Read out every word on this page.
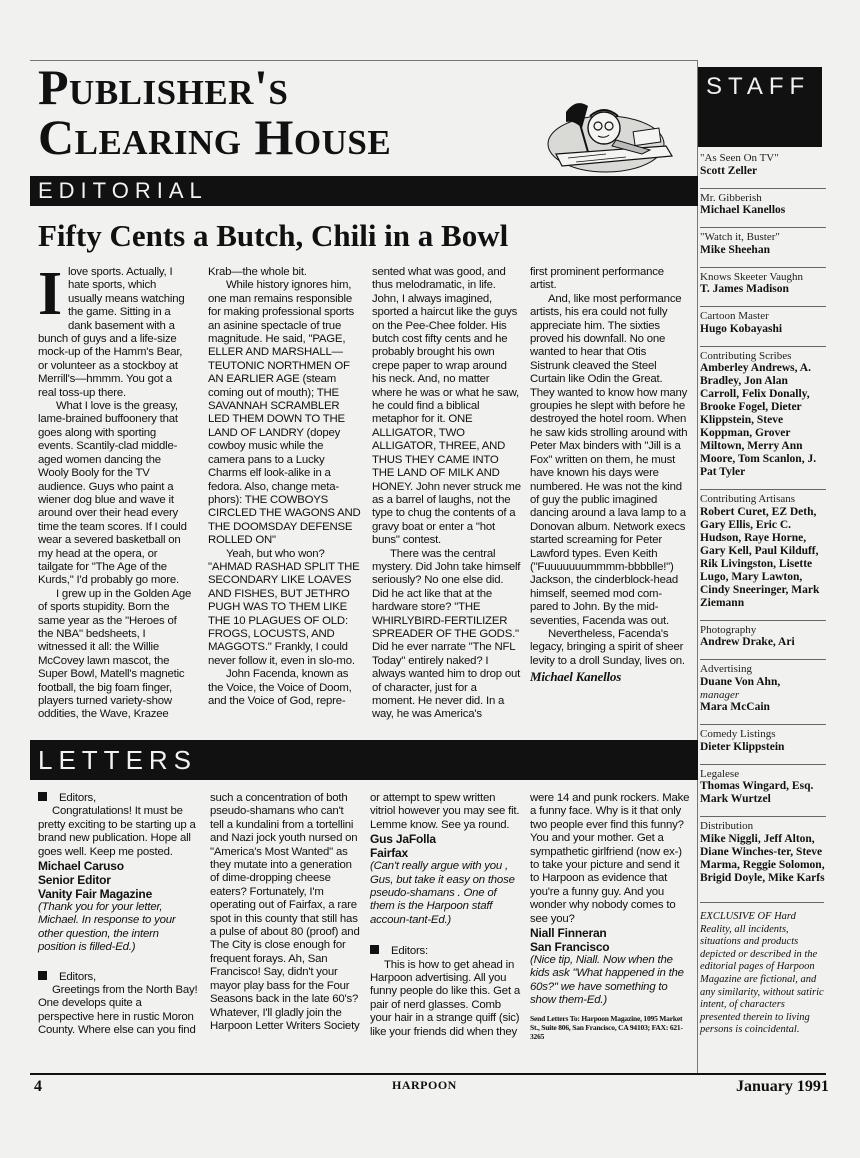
Publisher's
Clearing House
EDITORIAL
STAFF
Fifty Cents a Butch, Chili in a Bowl
I love sports. Actually, I hate sports, which usually means watching the game. Sitting in a dank basement with a bunch of guys and a life-size mock-up of the Hamm's Bear, or volunteer as a stockboy at Merrill's—hmmm. You got a real toss-up there.

What I love is the greasy, lame-brained buffoonery that goes along with sporting events. Scantily-clad middle-aged women dancing the Wooly Booly for the TV audience. Guys who paint a wiener dog blue and wave it around over their head every time the team scores. If I could wear a severed basketball on my head at the opera, or tailgate for "The Age of the Kurds," I'd probably go more.

I grew up in the Golden Age of sports stupidity. Born the same year as the "Heroes of the NBA" bedsheets, I witnessed it all: the Willie McCovey lawn mascot, the Super Bowl, Matell's magnetic football, the big foam finger, players turned variety-show oddities, the Wave, Krazee

Krab—the whole bit.

While history ignores him, one man remains responsible for making professional sports an asinine spectacle of true magnitude. He said, "PAGE, ELLER AND MARSHALL—TEUTONIC NORTHMEN OF AN EARLIER AGE (steam coming out of mouth); THE SAVANNAH SCRAMBLER LED THEM DOWN TO THE LAND OF LANDRY (dopey cowboy music while the camera pans to a Lucky Charms elf look-alike in a fedora. Also, change meta-phors): THE COWBOYS CIRCLED THE WAGONS AND THE DOOMSDAY DEFENSE ROLLED ON"

Yeah, but who won? "AHMAD RASHAD SPLIT THE SECONDARY LIKE LOAVES AND FISHES, BUT JETHRO PUGH WAS TO THEM LIKE THE 10 PLAGUES OF OLD: FROGS, LOCUSTS, AND MAGGOTS." Frankly, I could never follow it, even in slo-mo.

John Facenda, known as the Voice, the Voice of Doom, and the Voice of God, repre-

sented what was good, and thus melodramatic, in life. John, I always imagined, sported a haircut like the guys on the Pee-Chee folder. His butch cost fifty cents and he probably brought his own crepe paper to wrap around his neck. And, no matter where he was or what he saw, he could find a biblical metaphor for it. ONE ALLIGATOR, TWO ALLIGATOR, THREE, AND THUS THEY CAME INTO THE LAND OF MILK AND HONEY. John never struck me as a barrel of laughs, not the type to chug the contents of a gravy boat or enter a "hot buns" contest.

There was the central mystery. Did John take himself seriously? No one else did. Did he act like that at the hardware store? "THE WHIRLYBIRD-FERTILIZER SPREADER OF THE GODS." Did he ever narrate "The NFL Today" entirely naked? I always wanted him to drop out of character, just for a moment. He never did. In a way, he was America's

first prominent performance artist.

And, like most performance artists, his era could not fully appreciate him. The sixties proved his downfall. No one wanted to hear that Otis Sistrunk cleaved the Steel Curtain like Odin the Great. They wanted to know how many groupies he slept with before he destroyed the hotel room. When he saw kids strolling around with Peter Max binders with "Jill is a Fox" written on them, he must have known his days were numbered. He was not the kind of guy the public imagined dancing around a lava lamp to a Donovan album. Network execs started screaming for Peter Lawford types. Even Keith ("Fuuuuuuummmm-bbbblle!") Jackson, the cinderblock-head himself, seemed mod com-pared to John. By the mid-seventies, Facenda was out.

Nevertheless, Facenda's legacy, bringing a spirit of sheer levity to a droll Sunday, lives on.

Michael Kanellos
LETTERS

Editors,

Congratulations! It must be pretty exciting to be starting up a brand new publication. Hope all goes well. Keep me posted.

Michael Caruso
Senior Editor
Vanity Fair Magazine

(Thank you for your letter, Michael. In response to your other question, the intern position is filled-Ed.)

Editors,

Greetings from the North Bay! One develops quite a perspective here in rustic Moron County. Where else can you find

such a concentration of both pseudo-shamans who can't tell a kundalini from a tortellini and Nazi jock youth nursed on "America's Most Wanted" as they mutate into a generation of dime-dropping cheese eaters? Fortunately, I'm operating out of Fairfax, a rare spot in this county that still has a pulse of about 80 (proof) and The City is close enough for frequent forays. Ah, San Francisco! Say, didn't your mayor play bass for the Four Seasons back in the late 60's? Whatever, I'll gladly join the Harpoon Letter Writers Society

or attempt to spew written vitriol however you may see fit. Lemme know. See ya round.

Gus JaFolla
Fairfax

(Can't really argue with you , Gus, but take it easy on those pseudo-shamans . One of them is the Harpoon staff accoun-tant-Ed.)

Editors:

This is how to get ahead in Harpoon advertising. All you funny people do like this. Get a pair of nerd glasses. Comb your hair in a strange quiff (sic) like your friends did when they

were 14 and punk rockers. Make a funny face. Why is it that only two people ever find this funny? You and your mother. Get a sympathetic girlfriend (now ex-) to take your picture and send it to Harpoon as evidence that you're a funny guy. And you wonder why nobody comes to see you?

Niall Finneran
San Francisco

(Nice tip, Niall. Now when the kids ask "What happened in the 60s?" we have something to show them-Ed.)

Send Letters To: Harpoon Magazine, 1095 Market St., Suite 806, San Francisco, CA 94103; FAX: 621-3265
"As Seen On TV"
Scott Zeller
Mr. Gibberish
Michael Kanellos
"Watch it, Buster"
Mike Sheehan
Knows Skeeter Vaughn
T. James Madison
Cartoon Master
Hugo Kobayashi
Contributing Scribes
Amberley Andrews, A. Bradley, Jon Alan Carroll, Felix Donally, Brooke Fogel, Dieter Klippstein, Steve Koppman, Grover Miltown, Merry Ann Moore, Tom Scanlon, J. Pat Tyler
Contributing Artisans
Robert Curet, EZ Deth, Gary Ellis, Eric C. Hudson, Raye Horne, Gary Kell, Paul Kilduff, Rik Livingston, Lisette Lugo, Mary Lawton, Cindy Sneeringer, Mark Ziemann
Photography
Andrew Drake, Ari
Advertising
Duane Von Ahn,
manager
Mara McCain
Comedy Listings
Dieter Klippstein
Legalese
Thomas Wingard, Esq. Mark Wurtzel
Distribution
Mike Niggli, Jeff Alton, Diane Winches-ter, Steve Marma, Reggie Solomon, Brigid Doyle, Mike Karfs
EXCLUSIVE OF Hard Reality, all incidents, situations and products depicted or described in the editorial pages of Harpoon Magazine are fictional, and any similarity, without satiric intent, of characters presented therein to living persons is coincidental.
4	HARPOON	January 1991
